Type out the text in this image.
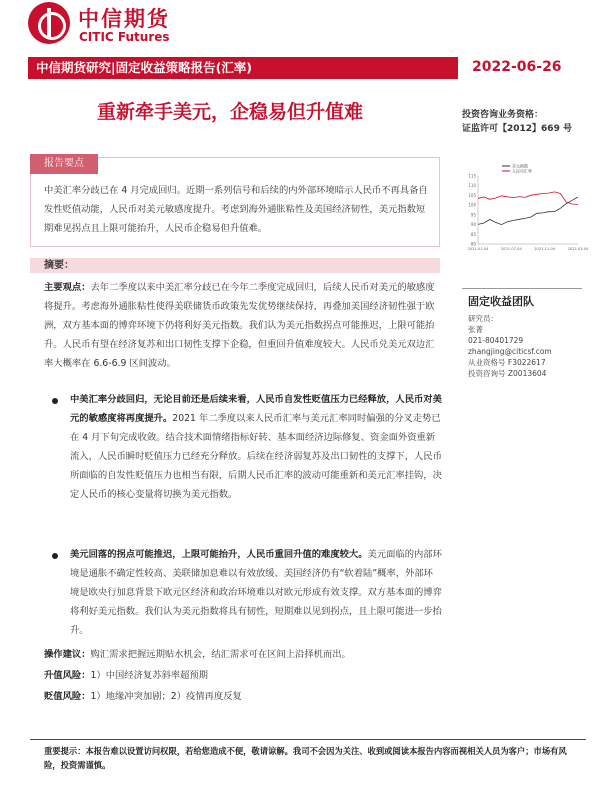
中信期货
CITIC Futures
中信期货研究|固定收益策略报告(汇率)	2022-06-26
重新牵手美元，企稳易但升值难	投资咨询业务资格：
证监许可【2012】669 号
报告要点
中美汇率分歧已在 4 月完成回归。近期一系列信号和后续的内外部环境暗示人民币不再具备自发性贬值动能，人民币对美元敏感度提升。考虑到海外通胀粘性及美国经济韧性，美元指数短期难见拐点且上限可能抬升，人民币企稳易但升值难。
美元指数
人民币汇率
80
85
90
95
100
105
110
115
2021-01-04	2021-07-04	2021-11-04	2022-03-04
摘要：
主要观点：去年二季度以来中美汇率分歧已在今年二季度完成回归，后续人民币对美元的敏感度将提升。考虑海外通胀粘性使得美联储货币政策先发优势继续保持，再叠加美国经济韧性强于欧洲，双方基本面的博弈环境下仍将利好美元指数。我们认为美元指数拐点可能推迟，上限可能抬升。人民币有望在经济复苏和出口韧性支撑下企稳，但重回升值难度较大。人民币兑美元双边汇率大概率在 6.6-6.9 区间波动。
中美汇率分歧回归，无论目前还是后续来看，人民币自发性贬值压力已经释放，人民币对美元的敏感度将再度提升。2021 年二季度以来人民币汇率与美元汇率同时偏强的分叉走势已在 4 月下旬完成收敛。结合技术面情绪指标好转、基本面经济边际修复、资金面外资重新流入，人民币瞬时贬值压力已经充分释放。后续在经济弱复苏及出口韧性的支撑下，人民币所面临的自发性贬值压力也相当有限，后期人民币汇率的波动可能重新和美元汇率挂钩，决定人民币的核心变量将切换为美元指数。
美元回落的拐点可能推迟，上限可能抬升，人民币重回升值的难度较大。美元面临的内部环境是通胀不确定性较高、美联储加息难以有效放缓、美国经济仍有“软着陆”概率，外部环境是欧央行加息背景下欧元区经济和政治环境难以对欧元形成有效支撑。双方基本面的博弈将利好美元指数。我们认为美元指数将具有韧性，短期难以见到拐点，且上限可能进一步抬升。
操作建议：购汇需求把握远期贴水机会，结汇需求可在区间上沿择机而出。
升值风险：1）中国经济复苏斜率超预期
贬值风险：1）地缘冲突加剧；2）疫情再度反复
固定收益团队
研究员：
张菁
021-80401729
zhangjing@citicsf.com
从业资格号 F3022617
投资咨询号 Z0013604
重要提示：本报告难以设置访问权限，若给您造成不便，敬请谅解。我司不会因为关注、收到或阅读本报告内容而视相关人员为客户；市场有风险，投资需谨慎。
